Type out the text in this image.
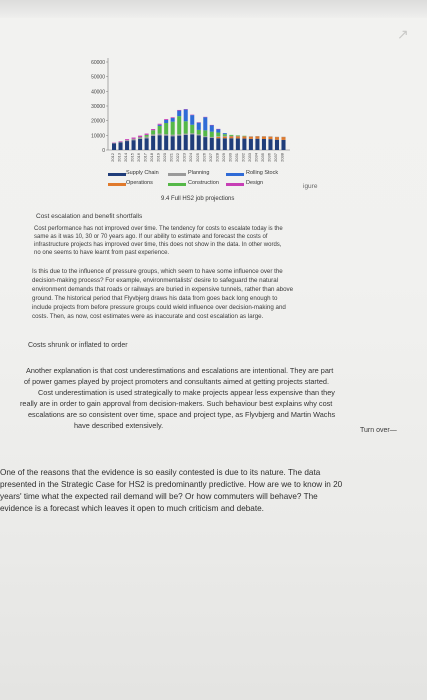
↗
60000
50000
40000
30000
20000
10000
0
2012 2013 2014 2015 2016 2017 2018 2019 2020 2021 2022 2023 2024 2025 2026 2027 2028 2029 2030 2031 2032 2033 2034 2035 2036 2037 2038
Supply Chain	Planning	Rolling Stock
Operations	Construction	Design	igure
9.4 Full HS2 job projections
Cost escalation and benefit shortfalls
Cost performance has not improved over time. The tendency for costs to escalate today is the
same as it was 10, 30 or 70 years ago. If our ability to estimate and forecast the costs of
infrastructure projects has improved over time, this does not show in the data. In other words,
no one seems to have learnt from past experience.
Is this due to the influence of pressure groups, which seem to have some influence over the
decision-making process? For example, environmentalists' desire to safeguard the natural
environment demands that roads or railways are buried in expensive tunnels, rather than above
ground. The historical period that Flyvbjerg draws his data from goes back long enough to
include projects from before pressure groups could wield influence over decision-making and
costs. Then, as now, cost estimates were as inaccurate and cost escalation as large.
Costs shrunk or inflated to order
Another explanation is that cost underestimations and escalations are intentional. They are part
of power games played by project promoters and consultants aimed at getting projects started.
Cost underestimation is used strategically to make projects appear less expensive than they
really are in order to gain approval from decision-makers. Such behaviour best explains why cost
escalations are so consistent over time, space and project type, as Flyvbjerg and Martin Wachs
have described extensively.
Turn over—
One of the reasons that the evidence is so easily contested is due to its nature. The data
presented in the Strategic Case for HS2 is predominantly predictive. How are we to know in 20
years' time what the expected rail demand will be? Or how commuters will behave? The
evidence is a forecast which leaves it open to much criticism and debate.
